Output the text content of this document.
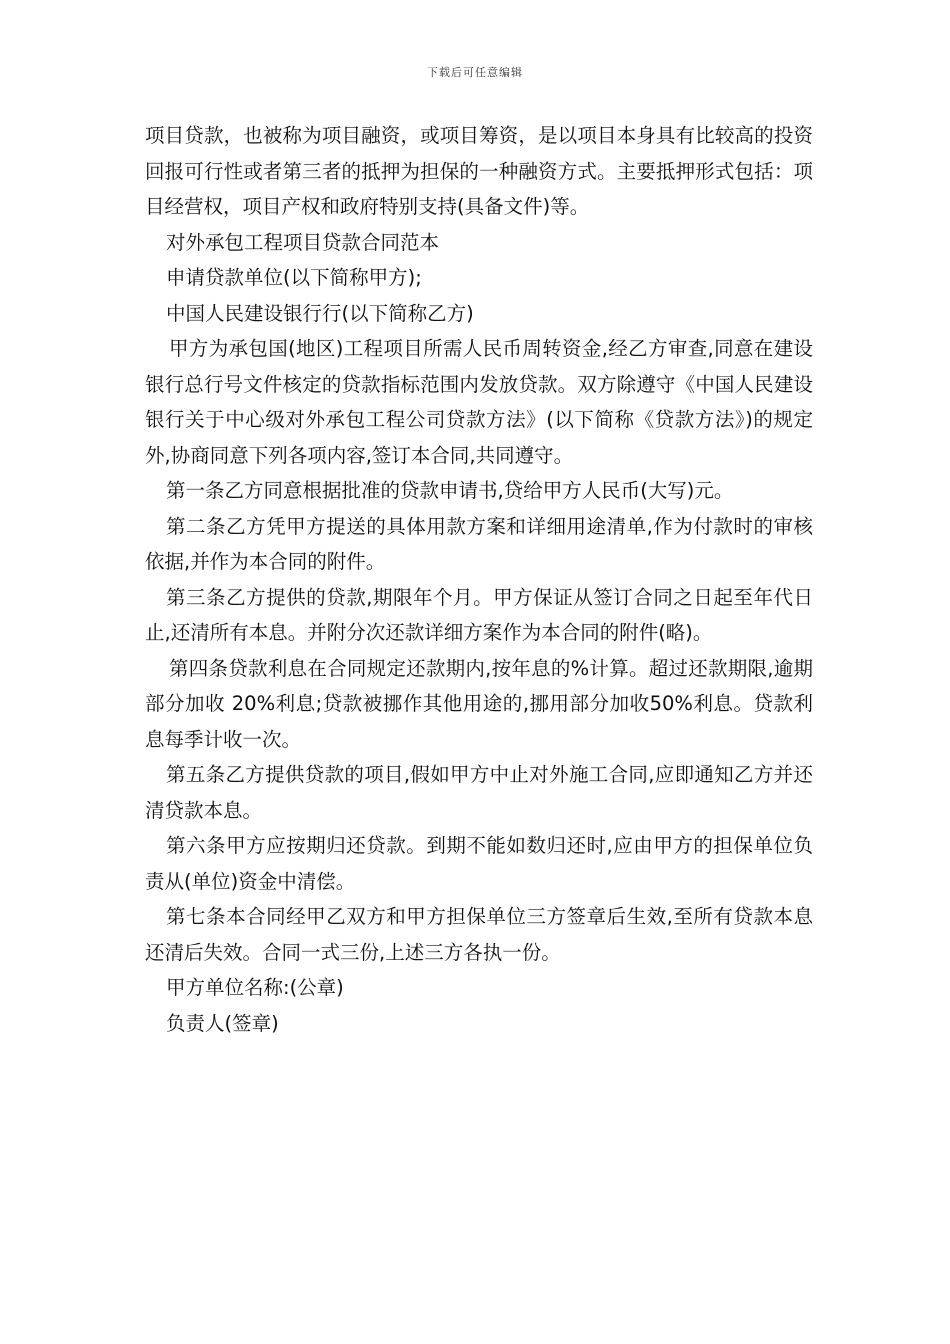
下载后可任意编辑

项目贷款，也被称为项目融资，或项目筹资，是以项目本身具有比较高的投资回报可行性或者第三者的抵押为担保的一种融资方式。主要抵押形式包括：项目经营权，项目产权和政府特别支持(具备文件)等。

对外承包工程项目贷款合同范本

申请贷款单位(以下简称甲方);

中国人民建设银行行(以下简称乙方)

甲方为承包国(地区)工程项目所需人民币周转资金,经乙方审查,同意在建设银行总行号文件核定的贷款指标范围内发放贷款。双方除遵守《中国人民建设银行关于中心级对外承包工程公司贷款方法》(以下简称《贷款方法》)的规定外,协商同意下列各项内容,签订本合同,共同遵守。

第一条乙方同意根据批准的贷款申请书,贷给甲方人民币(大写)元。

第二条乙方凭甲方提送的具体用款方案和详细用途清单,作为付款时的审核依据,并作为本合同的附件。

第三条乙方提供的贷款,期限年个月。甲方保证从签订合同之日起至年代日止,还清所有本息。并附分次还款详细方案作为本合同的附件(略)。

第四条贷款利息在合同规定还款期内,按年息的%计算。超过还款期限,逾期部分加收 20%利息;贷款被挪作其他用途的,挪用部分加收50%利息。贷款利息每季计收一次。

第五条乙方提供贷款的项目,假如甲方中止对外施工合同,应即通知乙方并还清贷款本息。

第六条甲方应按期归还贷款。到期不能如数归还时,应由甲方的担保单位负责从(单位)资金中清偿。

第七条本合同经甲乙双方和甲方担保单位三方签章后生效,至所有贷款本息还清后失效。合同一式三份,上述三方各执一份。

甲方单位名称:(公章)

负责人(签章)
